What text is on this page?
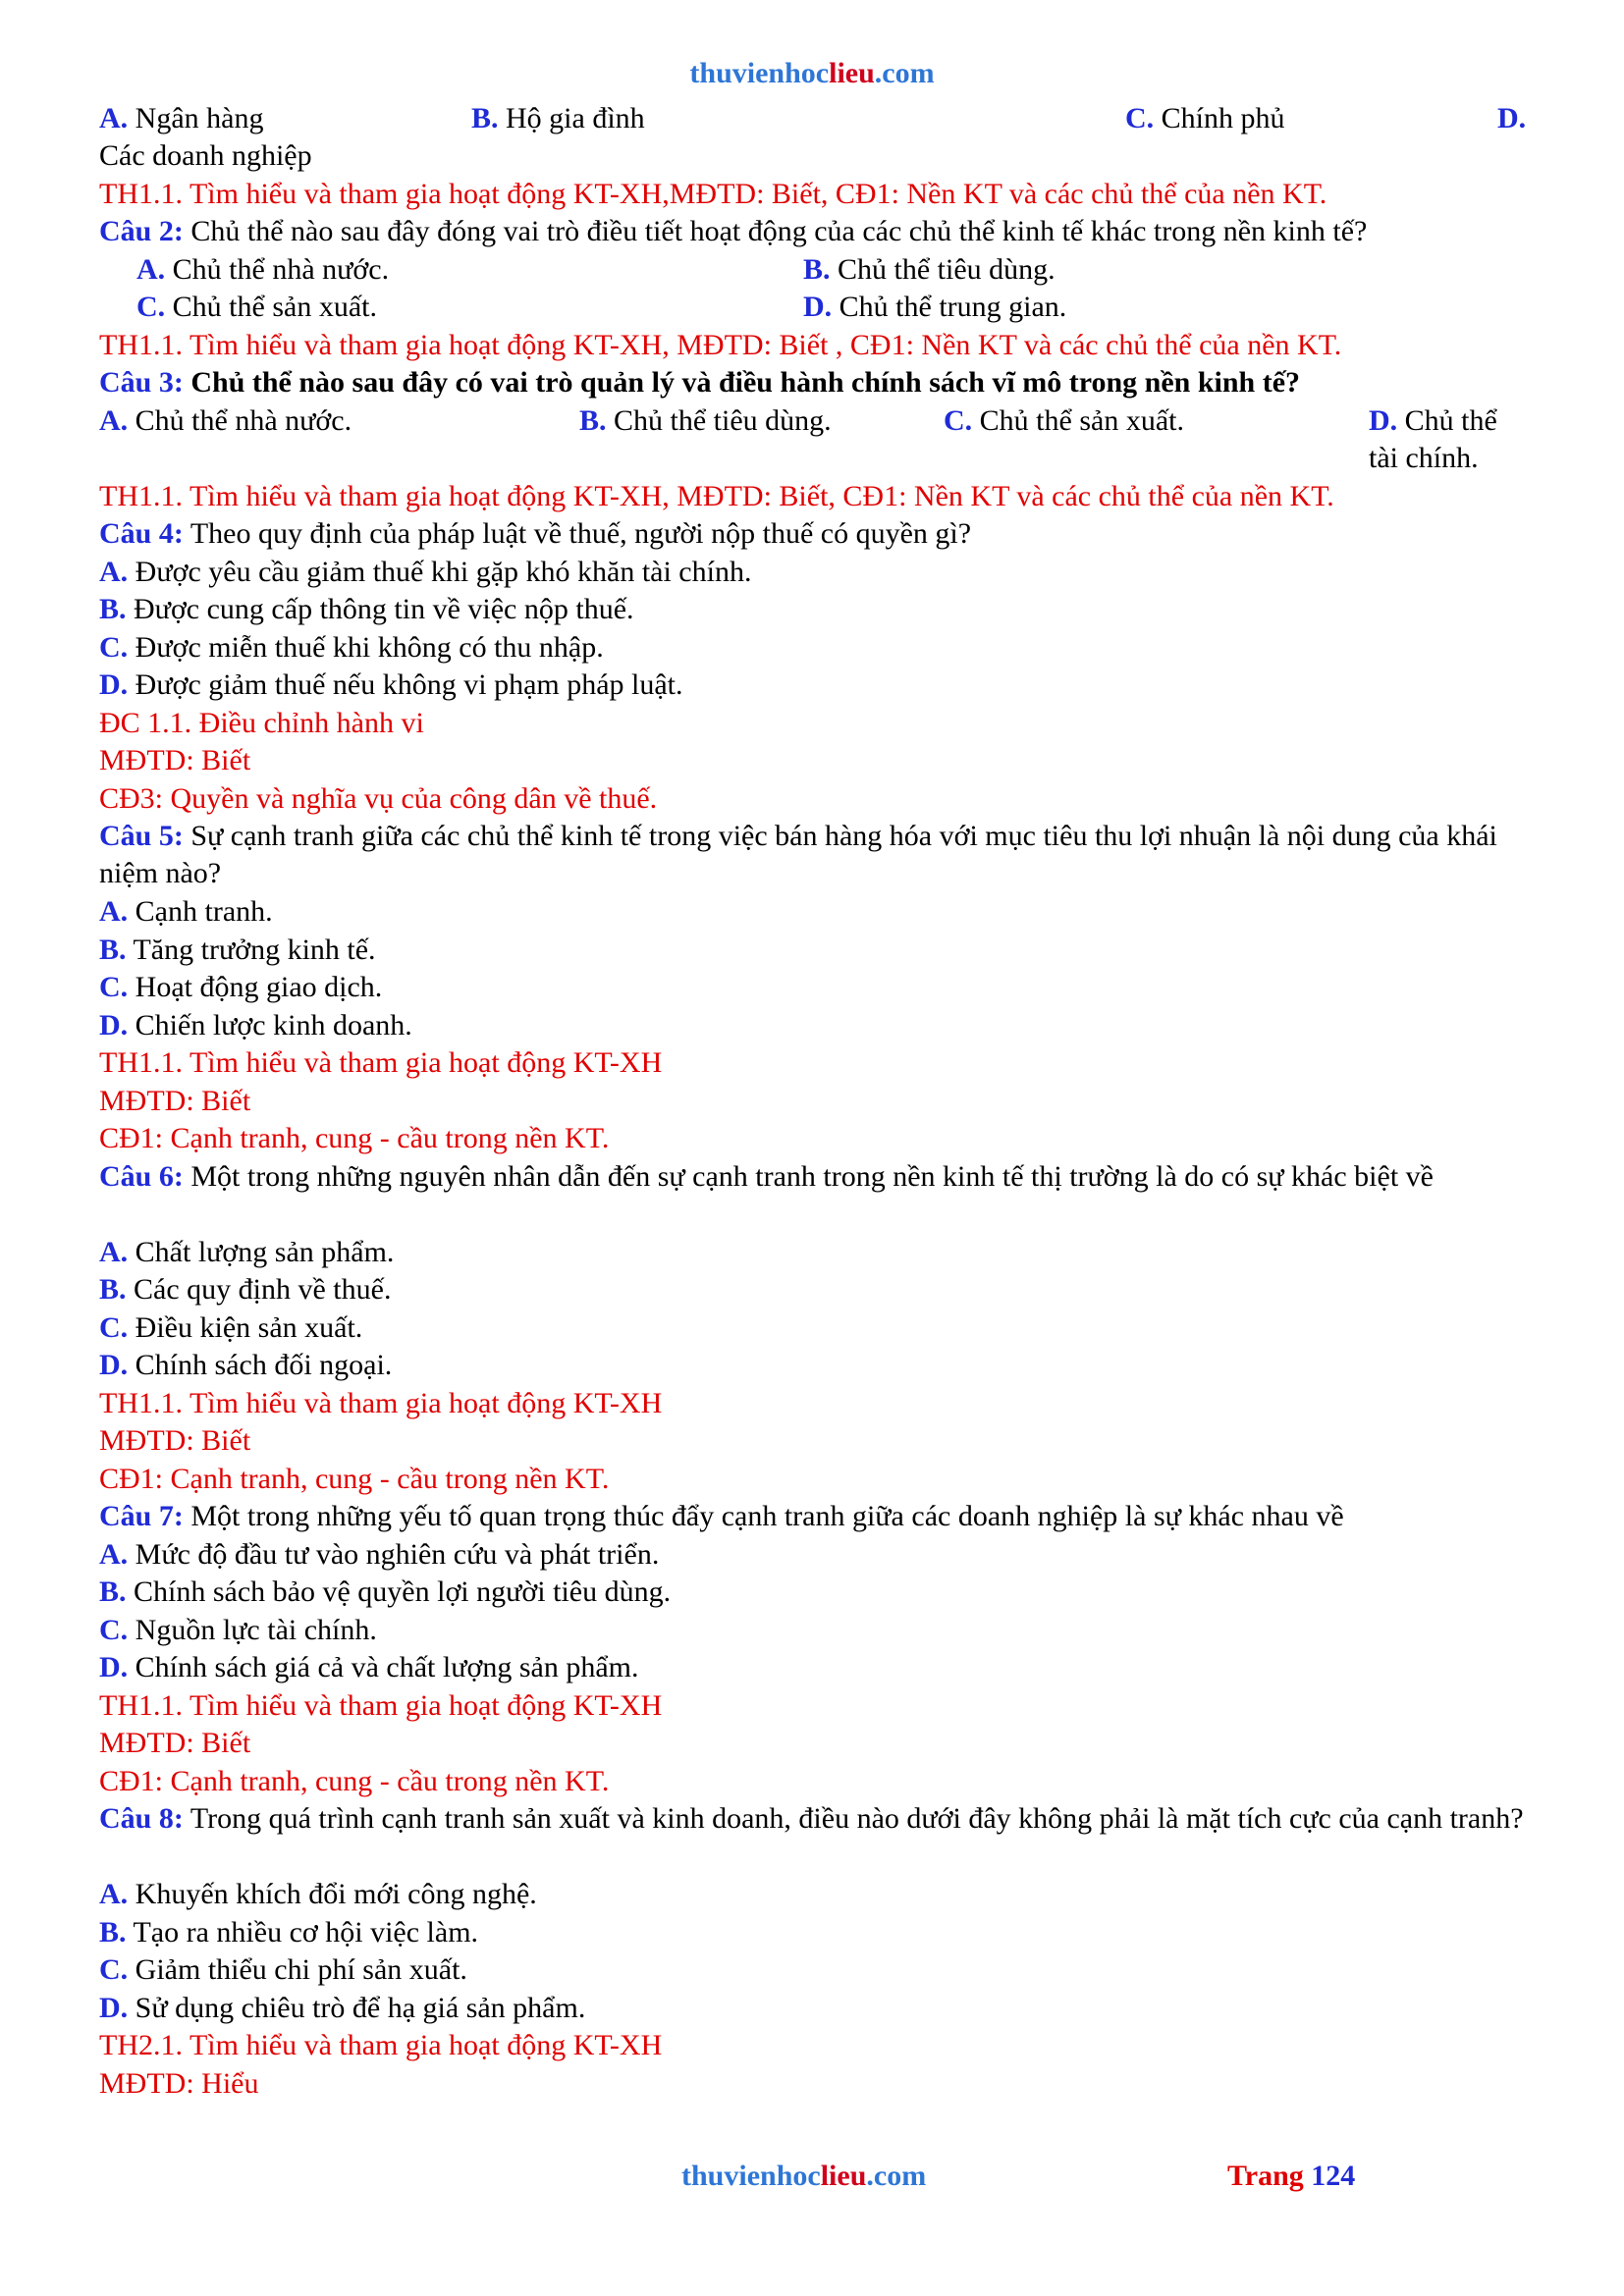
thuvienhoclieu.com
A. Ngân hàng	B. Hộ gia đình	C. Chính phủ	D.
Các doanh nghiệp
TH1.1. Tìm hiểu và tham gia hoạt động KT-XH,MĐTD: Biết, CĐ1: Nền KT và các chủ thể của nền KT.
Câu 2: Chủ thể nào sau đây đóng vai trò điều tiết hoạt động của các chủ thể kinh tế khác trong nền kinh tế?
A. Chủ thể nhà nước.	B. Chủ thể tiêu dùng.
C. Chủ thể sản xuất.	D. Chủ thể trung gian.
TH1.1. Tìm hiểu và tham gia hoạt động KT-XH, MĐTD: Biết , CĐ1: Nền KT và các chủ thể của nền KT.
Câu 3: Chủ thể nào sau đây có vai trò quản lý và điều hành chính sách vĩ mô trong nền kinh tế?
A. Chủ thể nhà nước.	B. Chủ thể tiêu dùng.	C. Chủ thể sản xuất.	D. Chủ thể tài chính.
TH1.1. Tìm hiểu và tham gia hoạt động KT-XH, MĐTD: Biết, CĐ1: Nền KT và các chủ thể của nền KT.
Câu 4: Theo quy định của pháp luật về thuế, người nộp thuế có quyền gì?
A. Được yêu cầu giảm thuế khi gặp khó khăn tài chính.
B. Được cung cấp thông tin về việc nộp thuế.
C. Được miễn thuế khi không có thu nhập.
D. Được giảm thuế nếu không vi phạm pháp luật.
ĐC 1.1. Điều chỉnh hành vi
MĐTD: Biết
CĐ3: Quyền và nghĩa vụ của công dân về thuế.
Câu 5: Sự cạnh tranh giữa các chủ thể kinh tế trong việc bán hàng hóa với mục tiêu thu lợi nhuận là nội dung của khái niệm nào?
A. Cạnh tranh.
B. Tăng trưởng kinh tế.
C. Hoạt động giao dịch.
D. Chiến lược kinh doanh.
TH1.1. Tìm hiểu và tham gia hoạt động KT-XH
MĐTD: Biết
CĐ1: Cạnh tranh, cung - cầu trong nền KT.
Câu 6: Một trong những nguyên nhân dẫn đến sự cạnh tranh trong nền kinh tế thị trường là do có sự khác biệt về
A. Chất lượng sản phẩm.
B. Các quy định về thuế.
C. Điều kiện sản xuất.
D. Chính sách đối ngoại.
TH1.1. Tìm hiểu và tham gia hoạt động KT-XH
MĐTD: Biết
CĐ1: Cạnh tranh, cung - cầu trong nền KT.
Câu 7: Một trong những yếu tố quan trọng thúc đẩy cạnh tranh giữa các doanh nghiệp là sự khác nhau về
A. Mức độ đầu tư vào nghiên cứu và phát triển.
B. Chính sách bảo vệ quyền lợi người tiêu dùng.
C. Nguồn lực tài chính.
D. Chính sách giá cả và chất lượng sản phẩm.
TH1.1. Tìm hiểu và tham gia hoạt động KT-XH
MĐTD: Biết
CĐ1: Cạnh tranh, cung - cầu trong nền KT.
Câu 8: Trong quá trình cạnh tranh sản xuất và kinh doanh, điều nào dưới đây không phải là mặt tích cực của cạnh tranh?
A. Khuyến khích đổi mới công nghệ.
B. Tạo ra nhiều cơ hội việc làm.
C. Giảm thiểu chi phí sản xuất.
D. Sử dụng chiêu trò để hạ giá sản phẩm.
TH2.1. Tìm hiểu và tham gia hoạt động KT-XH
MĐTD: Hiểu
thuvienhoclieu.com	Trang 124
